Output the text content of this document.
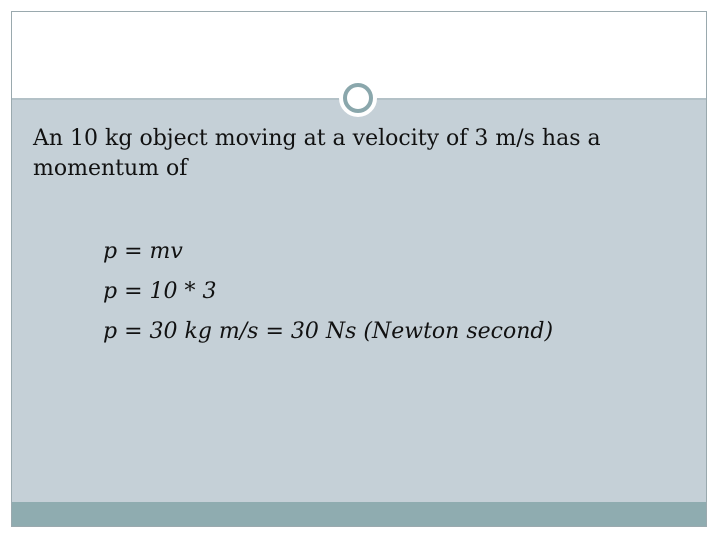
An 10 kg object moving at a velocity of 3 m/s has a momentum of

p = mv
p = 10 * 3
p = 30 kg m/s = 30 Ns (Newton second)
